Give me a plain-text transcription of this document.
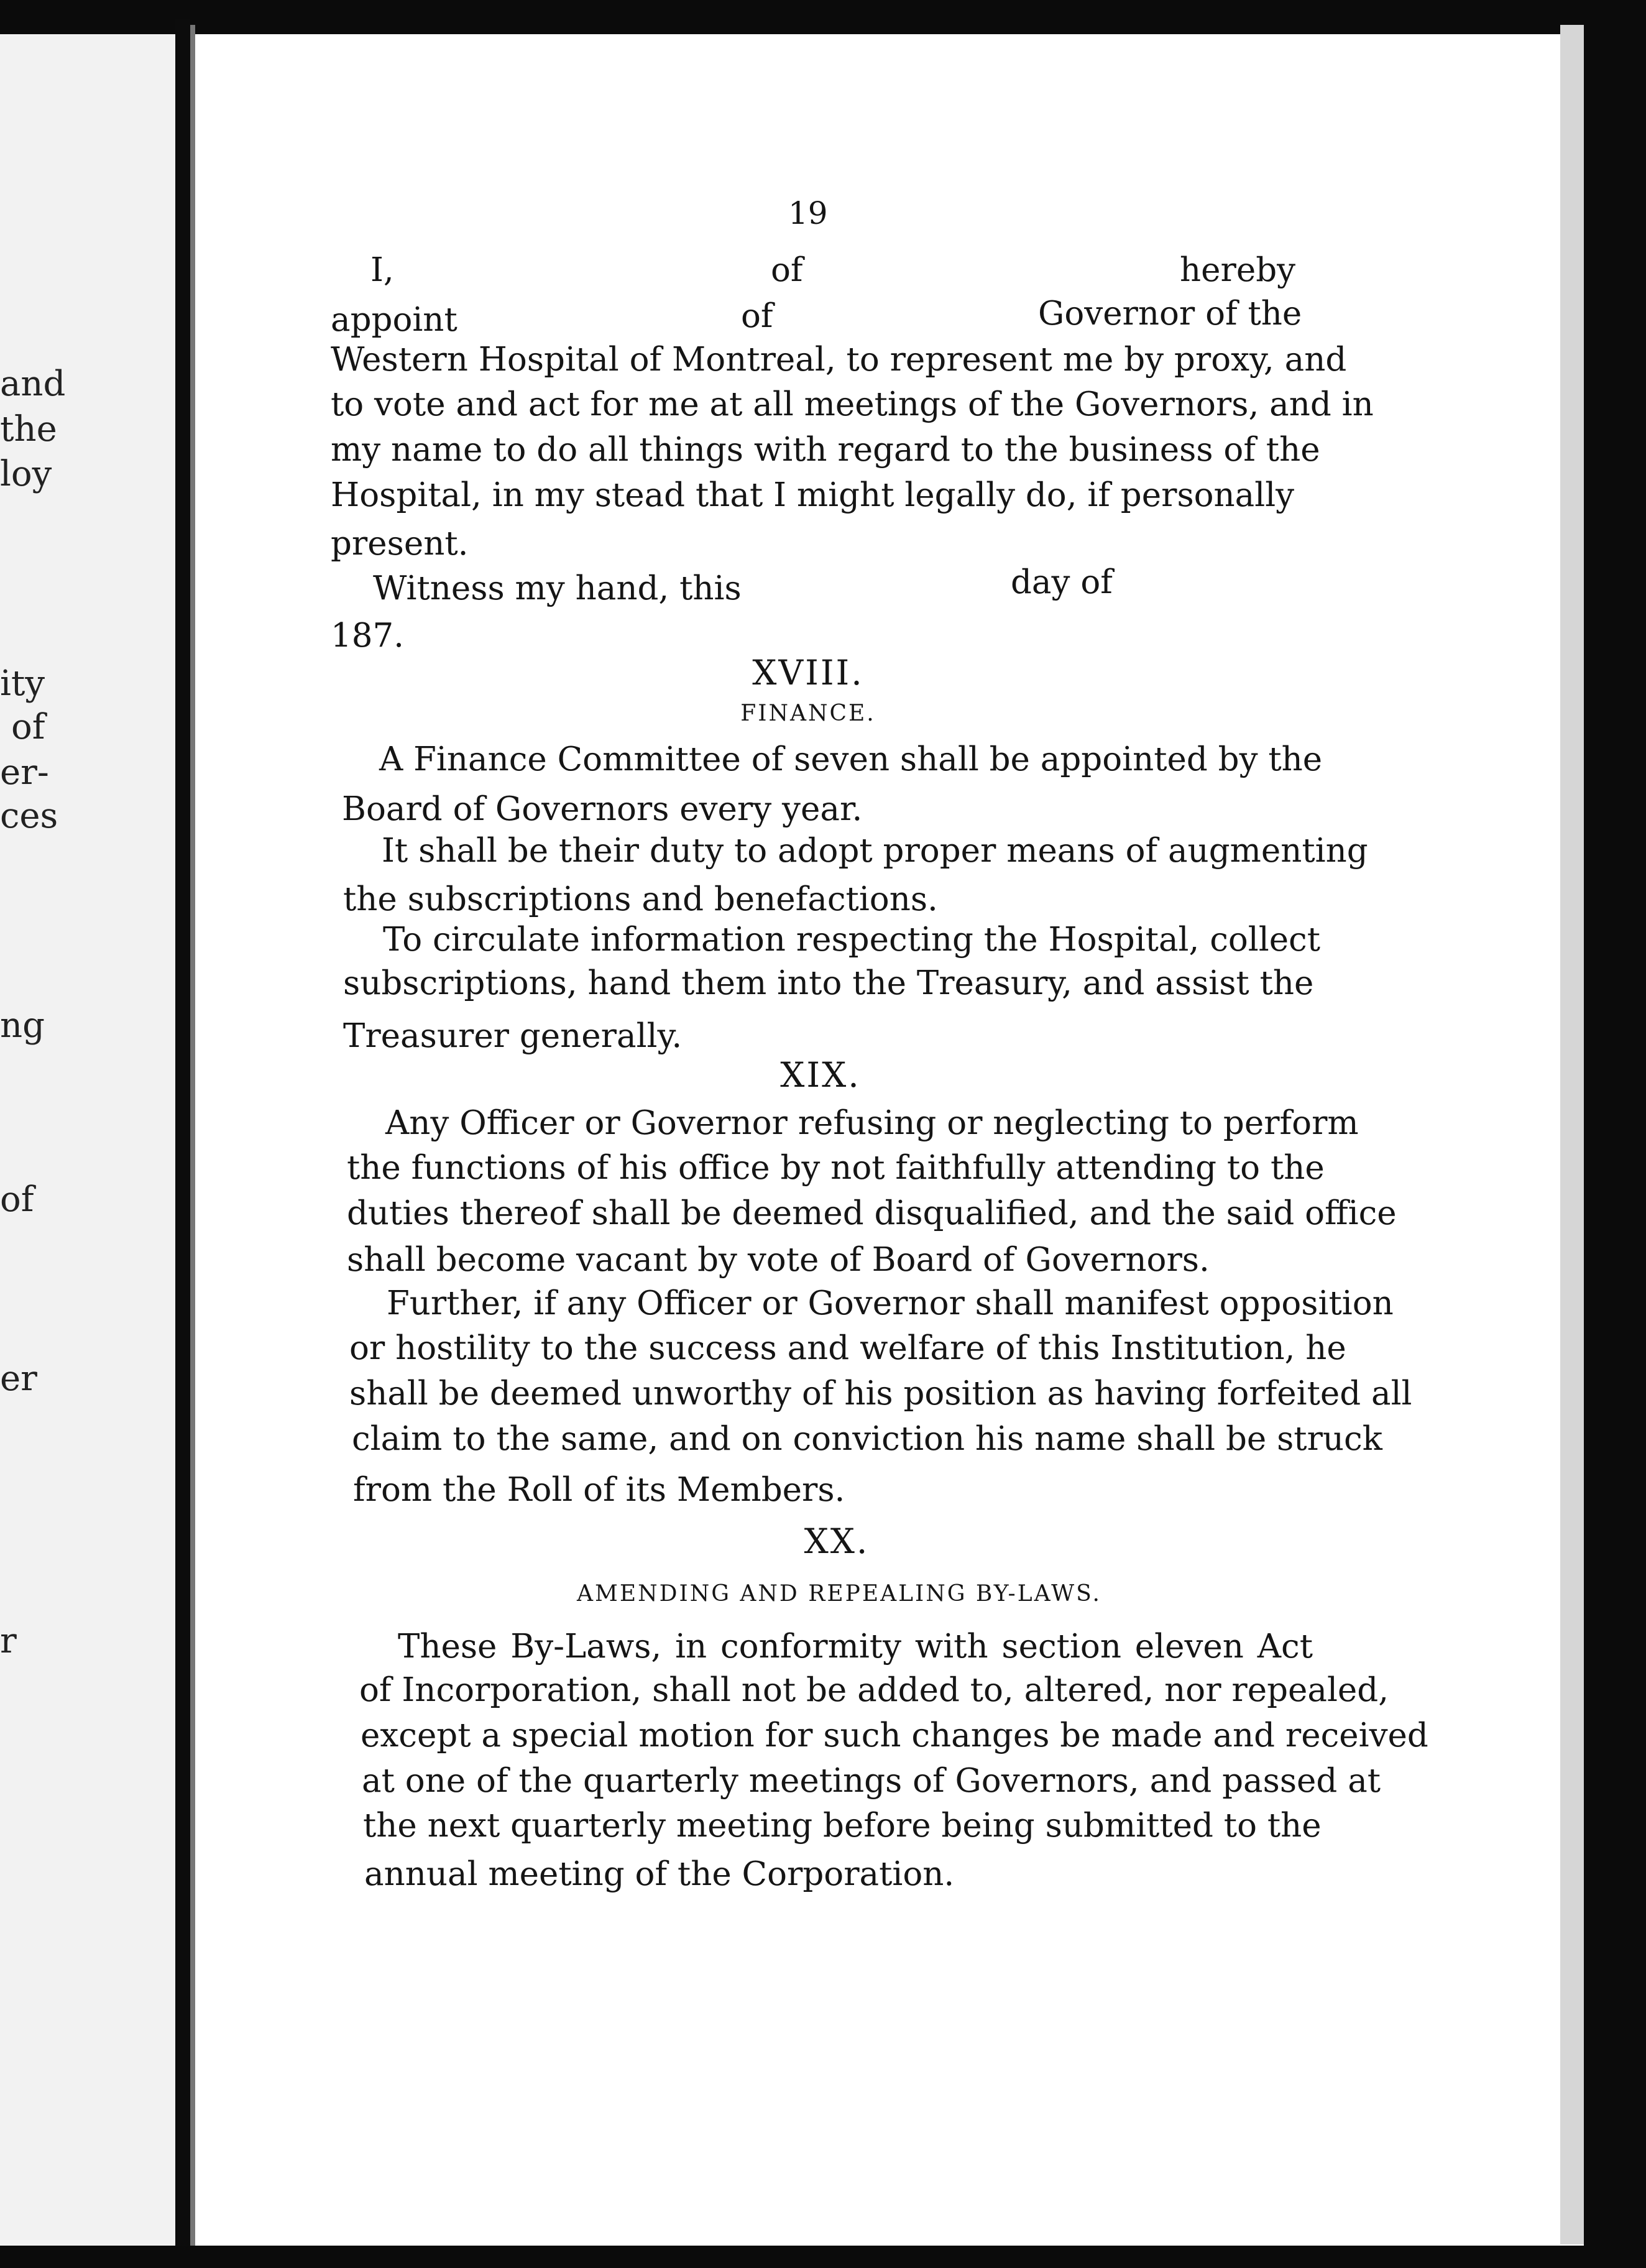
and
the
loy
ity
of
er-
ces
ng
of
er
r
19
I,	of	hereby
appoint	of	Governor of the
Western Hospital of Montreal, to represent me by proxy, and
to vote and act for me at all meetings of the Governors, and in
my name to do all things with regard to the business of the
Hospital, in my stead that I might legally do, if personally
present.
Witness my hand, this	day of
187.
XVIII.
FINANCE.
A Finance Committee of seven shall be appointed by the
Board of Governors every year.
It shall be their duty to adopt proper means of augmenting
the subscriptions and benefactions.
To circulate information respecting the Hospital, collect
subscriptions, hand them into the Treasury, and assist the
Treasurer generally.
XIX.
Any Officer or Governor refusing or neglecting to perform
the functions of his office by not faithfully attending to the
duties thereof shall be deemed disqualified, and the said office
shall become vacant by vote of Board of Governors.
Further, if any Officer or Governor shall manifest opposition
or hostility to the success and welfare of this Institution, he
shall be deemed unworthy of his position as having forfeited all
claim to the same, and on conviction his name shall be struck
from the Roll of its Members.
XX.
AMENDING AND REPEALING BY-LAWS.
These By-Laws, in conformity with section eleven Act
of Incorporation, shall not be added to, altered, nor repealed,
except a special motion for such changes be made and received
at one of the quarterly meetings of Governors, and passed at
the next quarterly meeting before being submitted to the
annual meeting of the Corporation.
